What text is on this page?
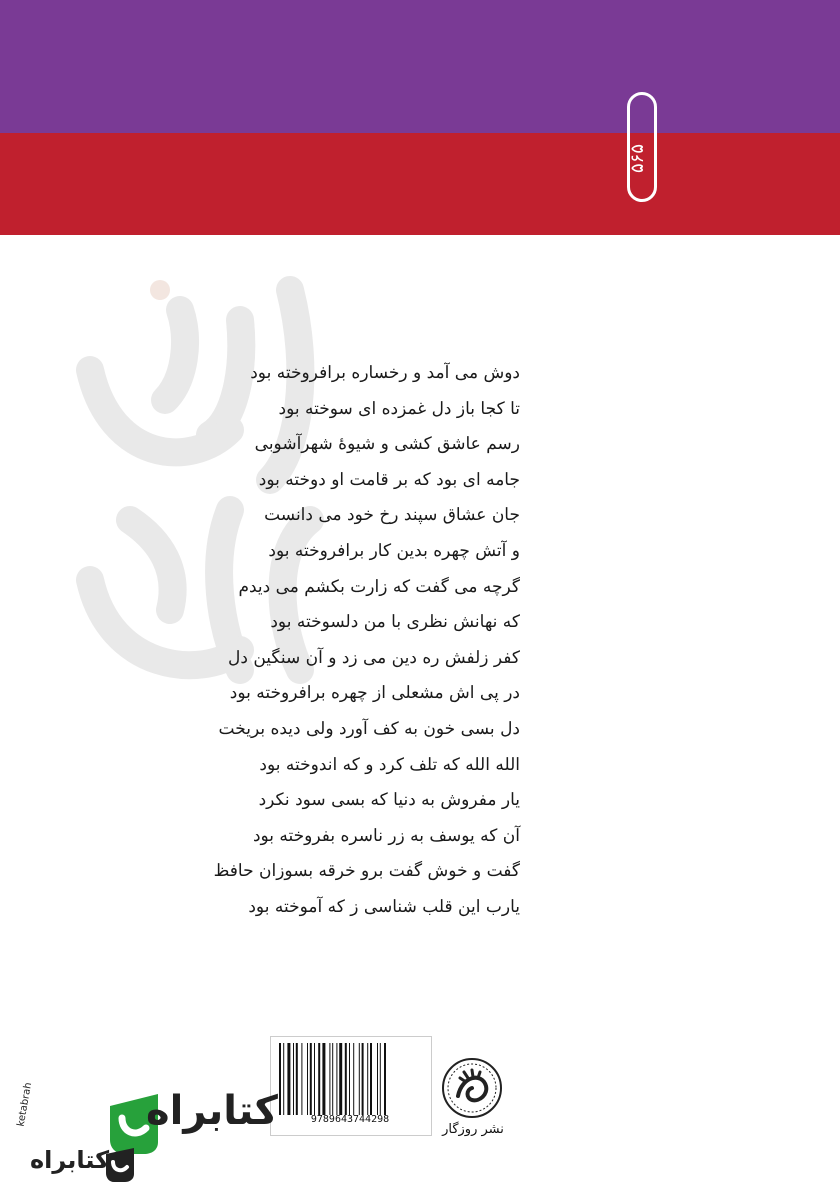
۵۶۵
دوش می آمد و رخساره برافروخته بود
تا کجا باز دل غمزده ای سوخته بود
رسم عاشق کشی و شیوهٔ شهرآشوبی
جامه ای بود که بر قامت او دوخته بود
جان عشاق سپند رخ خود می دانست
و آتش چهره بدین کار برافروخته بود
گرچه می گفت که زارت بکشم می دیدم
که نهانش نظری با من دلسوخته بود
کفر زلفش ره دین می زد و آن سنگین دل
در پی اش مشعلی از چهره برافروخته بود
دل بسی خون به کف آورد ولی دیده بریخت
الله الله که تلف کرد و که اندوخته بود
یار مفروش به دنیا که بسی سود نکرد
آن که یوسف به زر ناسره بفروخته بود
گفت و خوش گفت برو خرقه بسوزان حافظ
یارب این قلب شناسی ز که آموخته بود
9789643744298
نشر روزگار
کتابراه
کتابراه
ketabrah
